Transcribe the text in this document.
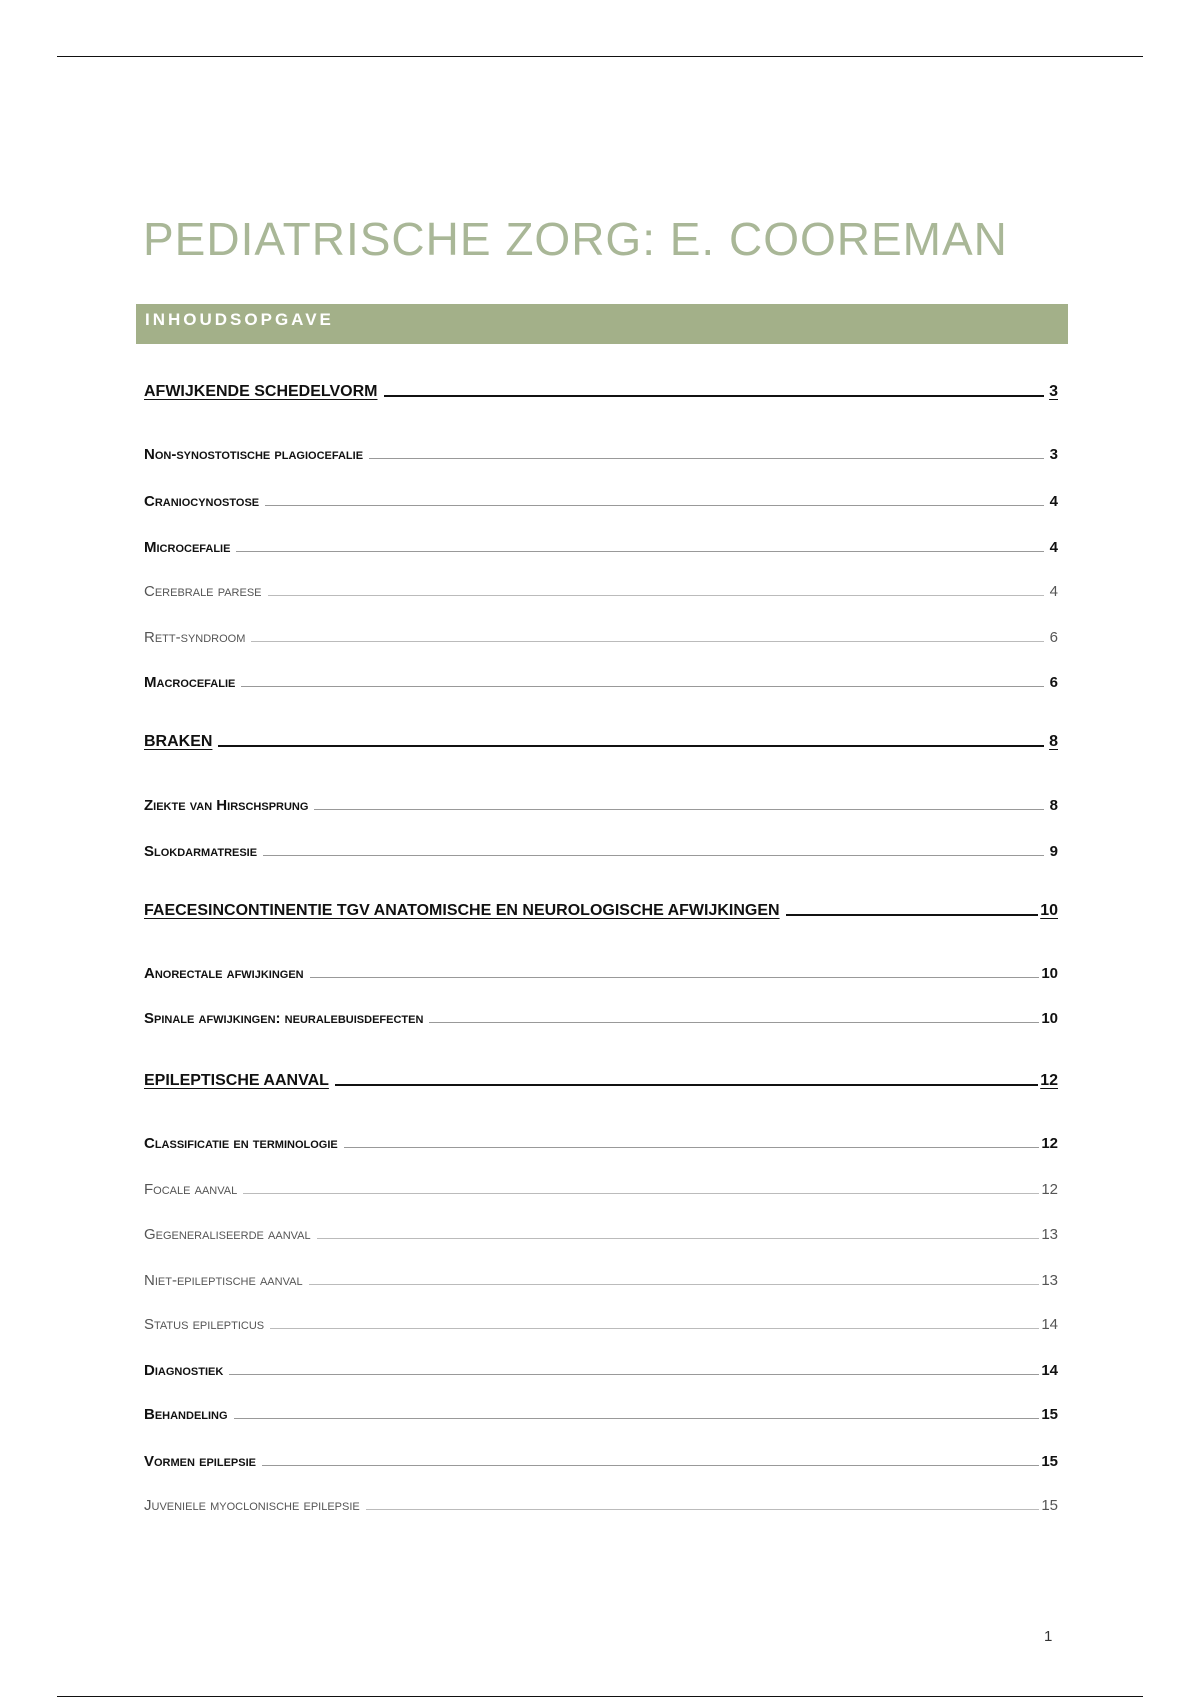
PEDIATRISCHE ZORG: E. COOREMAN
INHOUDSOPGAVE
AFWIJKENDE SCHEDELVORM	3
Non-synostotische plagiocefalie	3
Craniocynostose	4
Microcefalie	4
Cerebrale parese	4
Rett-syndroom	6
Macrocefalie	6
BRAKEN	8
Ziekte van Hirschsprung	8
Slokdarmatresie	9
FAECESINCONTINENTIE TGV ANATOMISCHE EN NEUROLOGISCHE AFWIJKINGEN	10
Anorectale afwijkingen	10
Spinale afwijkingen: neuralebuisdefecten	10
EPILEPTISCHE AANVAL	12
Classificatie en terminologie	12
Focale aanval	12
Gegeneraliseerde aanval	13
Niet-epileptische aanval	13
Status epilepticus	14
Diagnostiek	14
Behandeling	15
Vormen epilepsie	15
Juveniele myoclonische epilepsie	15
1
